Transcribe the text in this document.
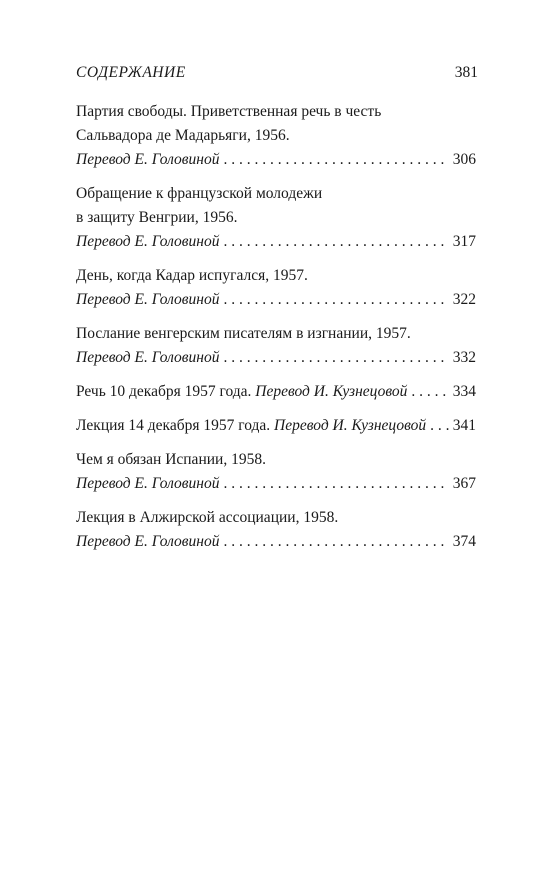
СОДЕРЖАНИЕ	381
Партия свободы. Приветственная речь в честь
Сальвадора де Мадарьяги, 1956.
Перевод Е. Головиной . . .	306
Обращение к французской молодежи
в защиту Венгрии, 1956.
Перевод Е. Головиной . . .	317
День, когда Кадар испугался, 1957.
Перевод Е. Головиной . . .	322
Послание венгерским писателям в изгнании, 1957.
Перевод Е. Головиной . . .	332
Речь 10 декабря 1957 года.
Перевод И. Кузнецовой . . .	334
Лекция 14 декабря 1957 года.
Перевод И. Кузнецовой . . . 341
Чем я обязан Испании, 1958.
Перевод Е. Головиной . . .	367
Лекция в Алжирской ассоциации, 1958.
Перевод Е. Головиной . . .	374
